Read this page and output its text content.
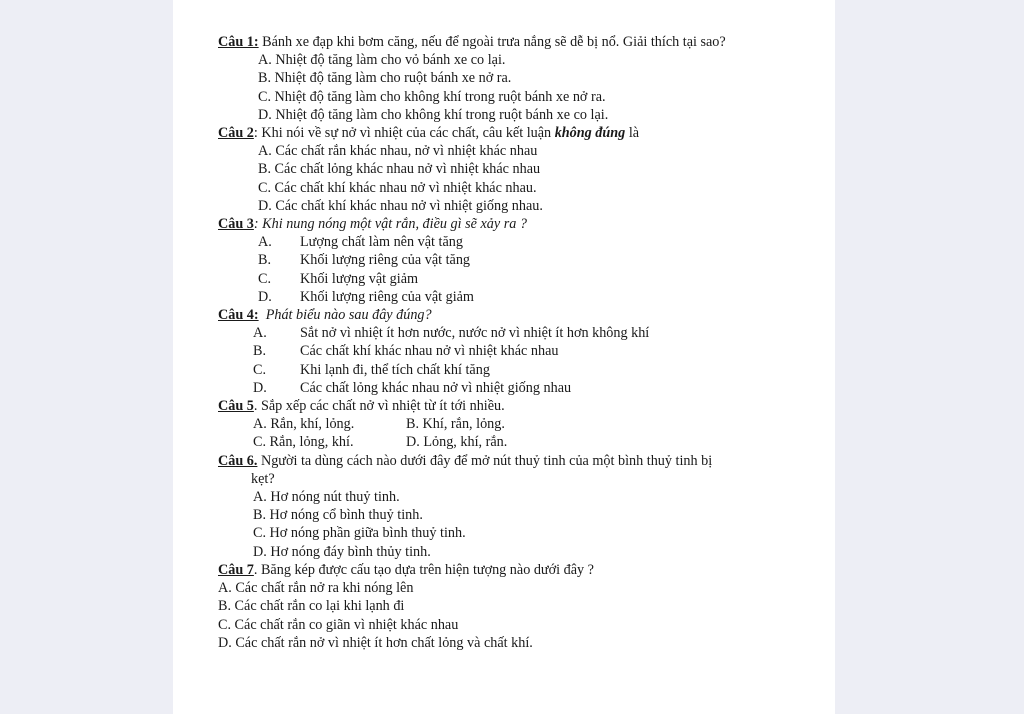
Câu 1: Bánh xe đạp khi bơm căng, nếu để ngoài trưa nắng sẽ dễ bị nổ. Giải thích tại sao?
A. Nhiệt độ tăng làm cho vỏ bánh xe co lại.
B. Nhiệt độ tăng làm cho ruột bánh xe nở ra.
C. Nhiệt độ tăng làm cho không khí trong ruột bánh xe nở ra.
D. Nhiệt độ tăng làm cho không khí trong ruột bánh xe co lại.
Câu 2: Khi nói về sự nở vì nhiệt của các chất, câu kết luận không đúng là
A. Các chất rắn khác nhau, nở vì nhiệt khác nhau
B. Các chất lỏng khác nhau nở vì nhiệt khác nhau
C. Các chất khí khác nhau nở vì nhiệt khác nhau.
D. Các chất khí khác nhau nở vì nhiệt giống nhau.
Câu 3: Khi nung nóng một vật rắn, điều gì sẽ xảy ra ?
A.	Lượng chất làm nên vật tăng
B.	Khối lượng riêng của vật tăng
C.	Khối lượng vật giảm
D.	Khối lượng riêng của vật giảm
Câu 4:  Phát biểu nào sau đây đúng?
A.	Sắt nở vì nhiệt ít hơn nước, nước nở vì nhiệt ít hơn không khí
B.	Các chất khí khác nhau nở vì nhiệt khác nhau
C.	Khi lạnh đi, thể tích chất khí tăng
D.	Các chất lỏng khác nhau nở vì nhiệt giống nhau
Câu 5. Sắp xếp các chất nở vì nhiệt từ ít tới nhiều.
A. Rắn, khí, lỏng.	B. Khí, rắn, lỏng.
C. Rắn, lỏng, khí.	D. Lỏng, khí, rắn.
Câu 6. Người ta dùng cách nào dưới đây để mở nút thuỷ tinh của một bình thuỷ tinh bị
kẹt?
A. Hơ nóng nút thuỷ tinh.
B. Hơ nóng cổ bình thuỷ tinh.
C. Hơ nóng phần giữa bình thuỷ tinh.
D. Hơ nóng đáy bình thủy tinh.
Câu 7. Băng kép được cấu tạo dựa trên hiện tượng nào dưới đây ?
A. Các chất rắn nở ra khi nóng lên
B. Các chất rắn co lại khi lạnh đi
C. Các chất rắn co giãn vì nhiệt khác nhau
D. Các chất rắn nở vì nhiệt ít hơn chất lỏng và chất khí.
